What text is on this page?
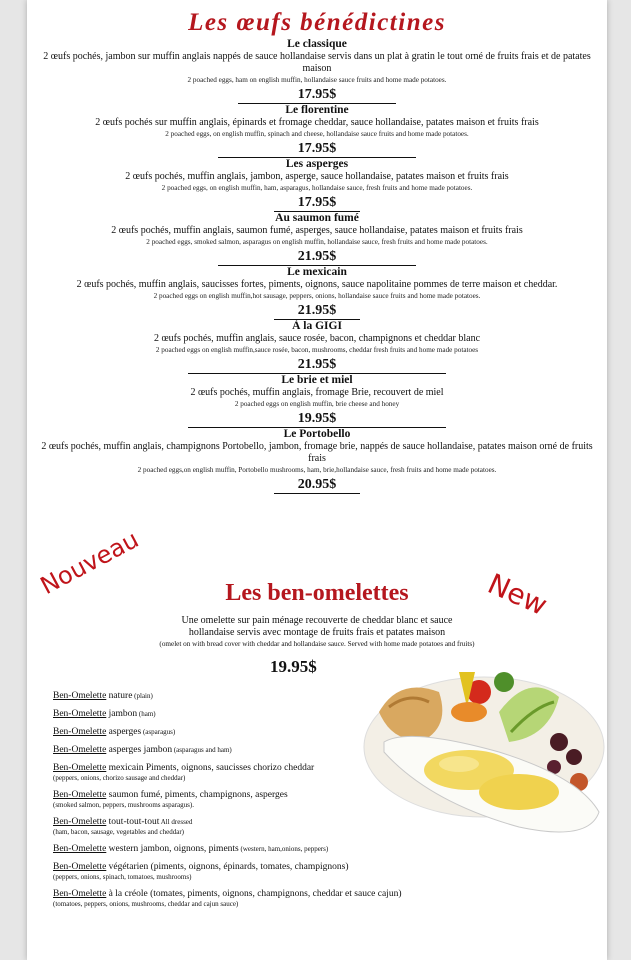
Les œufs bénédictines
Le classique
2 œufs pochés, jambon sur muffin anglais nappés de sauce hollandaise servis dans un plat à gratin le tout orné de fruits frais et de patates maison
2 poached eggs, ham on english muffin, hollandaise sauce fruits and home made potatoes.
17.95$
Le florentine
2 œufs pochés sur muffin anglais, épinards et fromage cheddar, sauce hollandaise, patates maison et fruits frais
2 poached eggs, on english muffin, spinach and cheese, hollandaise sauce fruits and home made potatoes.
17.95$
Les asperges
2 œufs pochés, muffin anglais, jambon, asperge, sauce hollandaise, patates maison et fruits frais
2 poached eggs, on english muffin, ham, asparagus, hollandaise sauce, fresh fruits and home made potatoes.
17.95$
Au saumon fumé
2 œufs pochés, muffin anglais, saumon fumé, asperges, sauce hollandaise, patates maison et fruits frais
2 poached eggs, smoked salmon, asparagus on english muffin, hollandaise sauce, fresh fruits and home made potatoes.
21.95$
Le mexicain
2 œufs pochés, muffin anglais, saucisses fortes, piments, oignons, sauce napolitaine pommes de terre maison et cheddar.
2 poached eggs on english muffin,hot sausage, peppers, onions, hollandaise sauce fruits and home made potatoes.
21.95$
À la GIGI
2 œufs pochés, muffin anglais, sauce rosée, bacon, champignons et cheddar blanc
2 poached eggs on english muffin,sauce rosée, bacon, mushrooms, cheddar fresh fruits and home made potatoes
21.95$
Le brie et miel
2 œufs pochés, muffin anglais, fromage Brie, recouvert de miel
2 poached eggs on english muffin, brie cheese and honey
19.95$
Le Portobello
2 œufs pochés, muffin anglais, champignons Portobello, jambon, fromage brie, nappés de sauce hollandaise, patates maison orné de fruits frais
2 poached eggs,on english muffin, Portobello mushrooms, ham, brie,hollandaise sauce, fresh fruits and home made potatoes.
20.95$
Nouveau	New
Les ben-omelettes
Une omelette sur pain ménage recouverte de cheddar blanc et sauce hollandaise servis avec montage de fruits frais et patates maison
(omelet on with bread cover with cheddar and hollandaise sauce. Served with home made potatoes and fruits)
19.95$
Ben-Omelette nature (plain)
Ben-Omelette jambon (ham)
Ben-Omelette asperges (asparagus)
Ben-Omelette asperges jambon (asparagus and ham)
Ben-Omelette mexicain Piments, oignons, saucisses chorizo cheddar
(peppers, onions, chorizo sausage and cheddar)
Ben-Omelette saumon fumé, piments, champignons, asperges
(smoked salmon, peppers, mushrooms asparagus).
Ben-Omelette tout-tout-tout All dressed
(ham, bacon, sausage, vegetables and cheddar)
Ben-Omelette western jambon, oignons, piments (western, ham,onions, peppers)
Ben-Omelette végétarien (piments, oignons, épinards, tomates, champignons)
(peppers, onions, spinach, tomatoes, mushrooms)
Ben-Omelette à la créole (tomates, piments, oignons, champignons, cheddar et sauce cajun)
(tomatoes, peppers, onions, mushrooms, cheddar and cajun sauce)
